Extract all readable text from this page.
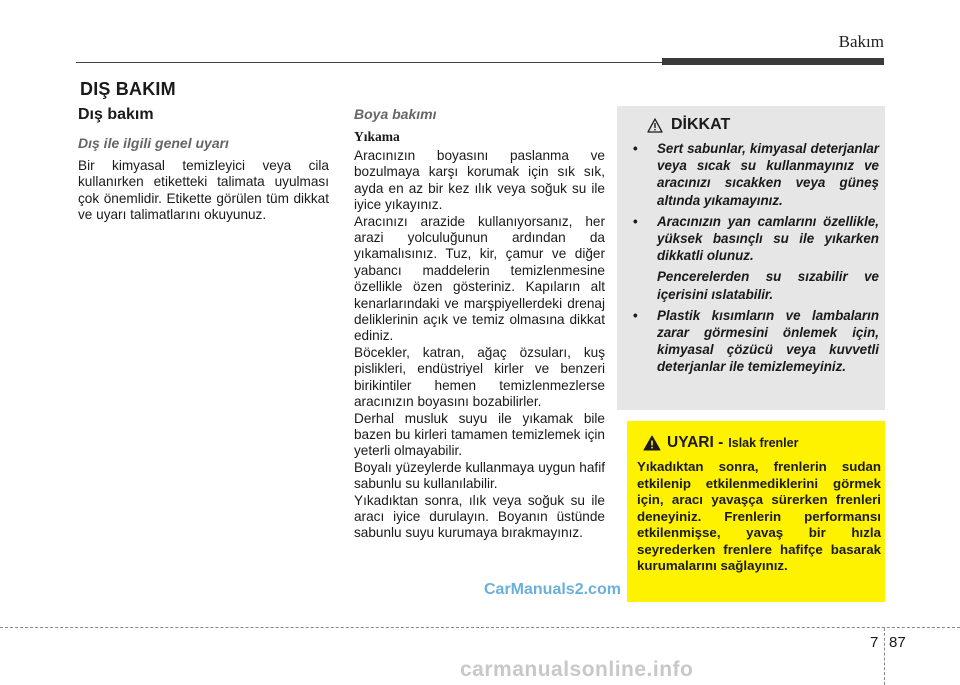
Bakım
DIŞ BAKIM
Dış bakım
Dış ile ilgili genel uyarı

Bir kimyasal temizleyici veya cila kullanırken etiketteki talimata uyulması çok önemlidir. Etikette görülen tüm dikkat ve uyarı talimatlarını okuyunuz.

Boya bakımı
Yıkama

Aracınızın boyasını paslanma ve bozulmaya karşı korumak için sık sık, ayda en az bir kez ılık veya soğuk su ile iyice yıkayınız.

Aracınızı arazide kullanıyorsanız, her arazi yolculuğunun ardından da yıkamalısınız. Tuz, kir, çamur ve diğer yabancı maddelerin temizlenmesine özellikle özen gösteriniz. Kapıların alt kenarlarındaki ve marşpiyellerdeki drenaj deliklerinin açık ve temiz olmasına dikkat ediniz.

Böcekler, katran, ağaç özsuları, kuş pislikleri, endüstriyel kirler ve benzeri birikintiler hemen temizlenmezlerse aracınızın boyasını bozabilirler.

Derhal musluk suyu ile yıkamak bile bazen bu kirleri tamamen temizlemek için yeterli olmayabilir.

Boyalı yüzeylerde kullanmaya uygun hafif sabunlu su kullanılabilir.

Yıkadıktan sonra, ılık veya soğuk su ile aracı iyice durulayın. Boyanın üstünde sabunlu suyu kurumaya bırakmayınız.

DİKKAT
• Sert sabunlar, kimyasal deterjanlar veya sıcak su kullanmayınız ve aracınızı sıcakken veya güneş altında yıkamayınız.
• Aracınızın yan camlarını özellikle, yüksek basınçlı su ile yıkarken dikkatli olunuz.
Pencerelerden su sızabilir ve içerisini ıslatabilir.
• Plastik kısımların ve lambaların zarar görmesini önlemek için, kimyasal çözücü veya kuvvetli deterjanlar ile temizlemeyiniz.
UYARI - Islak frenler

Yıkadıktan sonra, frenlerin sudan etkilenip etkilenmediklerini görmek için, aracı yavaşça sürerken frenleri deneyiniz. Frenlerin performansı etkilenmişse, yavaş bir hızla seyrederken frenlere hafifçe basarak kurumalarını sağlayınız.

CarManuals2.com
7 87
carmanualsonline.info
